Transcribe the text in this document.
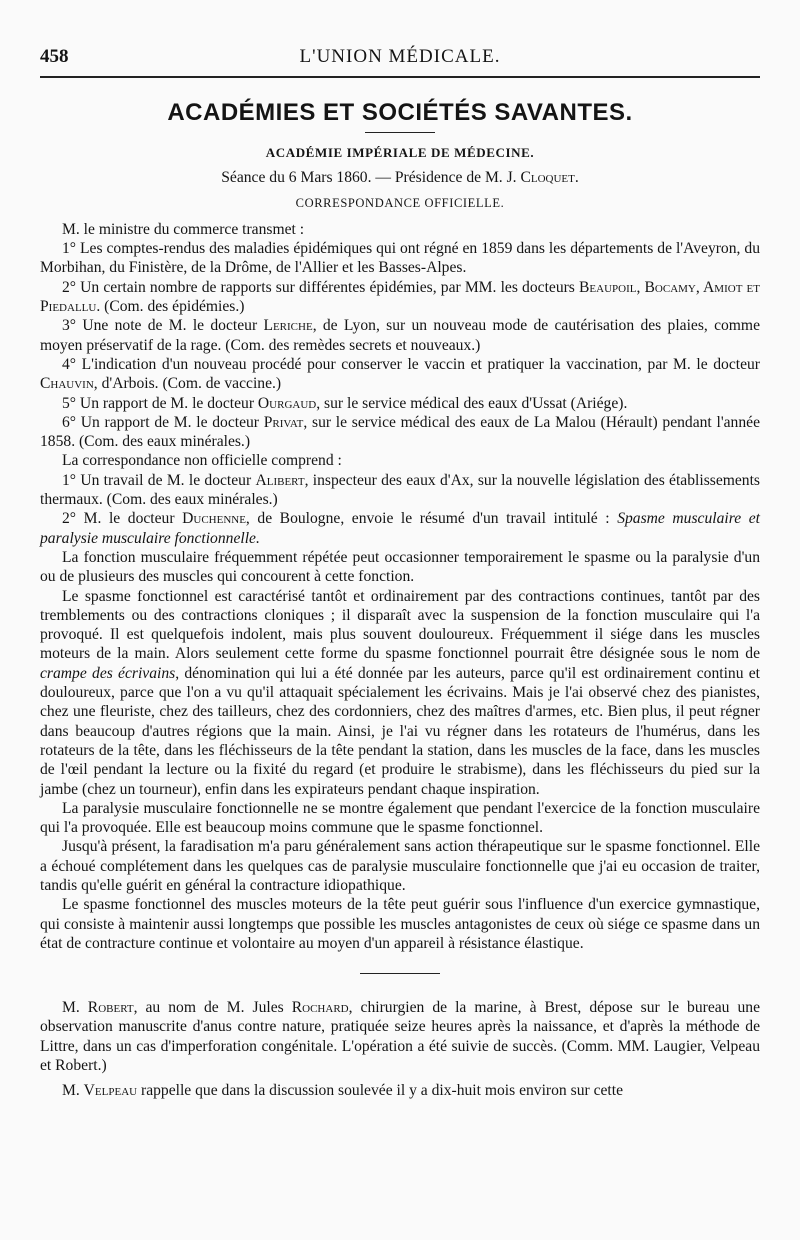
458	L'UNION MÉDICALE.
ACADÉMIES ET SOCIÉTÉS SAVANTES.
ACADÉMIE IMPÉRIALE DE MÉDECINE.
Séance du 6 Mars 1860. — Présidence de M. J. Cloquet.
CORRESPONDANCE OFFICIELLE.

M. le ministre du commerce transmet :

1° Les comptes-rendus des maladies épidémiques qui ont régné en 1859 dans les départements de l'Aveyron, du Morbihan, du Finistère, de la Drôme, de l'Allier et les Basses-Alpes.

2° Un certain nombre de rapports sur différentes épidémies, par MM. les docteurs Beaupoil, Bocamy, Amiot et Piedallu. (Com. des épidémies.)

3° Une note de M. le docteur Leriche, de Lyon, sur un nouveau mode de cautérisation des plaies, comme moyen préservatif de la rage. (Com. des remèdes secrets et nouveaux.)

4° L'indication d'un nouveau procédé pour conserver le vaccin et pratiquer la vaccination, par M. le docteur Chauvin, d'Arbois. (Com. de vaccine.)

5° Un rapport de M. le docteur Ourgaud, sur le service médical des eaux d'Ussat (Ariége).

6° Un rapport de M. le docteur Privat, sur le service médical des eaux de La Malou (Hérault) pendant l'année 1858. (Com. des eaux minérales.)

La correspondance non officielle comprend :

1° Un travail de M. le docteur Alibert, inspecteur des eaux d'Ax, sur la nouvelle législation des établissements thermaux. (Com. des eaux minérales.)

2° M. le docteur Duchenne, de Boulogne, envoie le résumé d'un travail intitulé : Spasme musculaire et paralysie musculaire fonctionnelle.

La fonction musculaire fréquemment répétée peut occasionner temporairement le spasme ou la paralysie d'un ou de plusieurs des muscles qui concourent à cette fonction.

Le spasme fonctionnel est caractérisé tantôt et ordinairement par des contractions continues, tantôt par des tremblements ou des contractions cloniques ; il disparaît avec la suspension de la fonction musculaire qui l'a provoqué. Il est quelquefois indolent, mais plus souvent douloureux. Fréquemment il siége dans les muscles moteurs de la main. Alors seulement cette forme du spasme fonctionnel pourrait être désignée sous le nom de crampe des écrivains, dénomination qui lui a été donnée par les auteurs, parce qu'il est ordinairement continu et douloureux, parce que l'on a vu qu'il attaquait spécialement les écrivains. Mais je l'ai observé chez des pianistes, chez une fleuriste, chez des tailleurs, chez des cordonniers, chez des maîtres d'armes, etc. Bien plus, il peut régner dans beaucoup d'autres régions que la main. Ainsi, je l'ai vu régner dans les rotateurs de l'humérus, dans les rotateurs de la tête, dans les fléchisseurs de la tête pendant la station, dans les muscles de la face, dans les muscles de l'œil pendant la lecture ou la fixité du regard (et produire le strabisme), dans les fléchisseurs du pied sur la jambe (chez un tourneur), enfin dans les expirateurs pendant chaque inspiration.

La paralysie musculaire fonctionnelle ne se montre également que pendant l'exercice de la fonction musculaire qui l'a provoquée. Elle est beaucoup moins commune que le spasme fonctionnel.

Jusqu'à présent, la faradisation m'a paru généralement sans action thérapeutique sur le spasme fonctionnel. Elle a échoué complétement dans les quelques cas de paralysie musculaire fonctionnelle que j'ai eu occasion de traiter, tandis qu'elle guérit en général la contracture idiopathique.

Le spasme fonctionnel des muscles moteurs de la tête peut guérir sous l'influence d'un exercice gymnastique, qui consiste à maintenir aussi longtemps que possible les muscles antagonistes de ceux où siége ce spasme dans un état de contracture continue et volontaire au moyen d'un appareil à résistance élastique.

M. Robert, au nom de M. Jules Rochard, chirurgien de la marine, à Brest, dépose sur le bureau une observation manuscrite d'anus contre nature, pratiquée seize heures après la naissance, et d'après la méthode de Littre, dans un cas d'imperforation congénitale. L'opération a été suivie de succès. (Comm. MM. Laugier, Velpeau et Robert.)

M. Velpeau rappelle que dans la discussion soulevée il y a dix-huit mois environ sur cette
